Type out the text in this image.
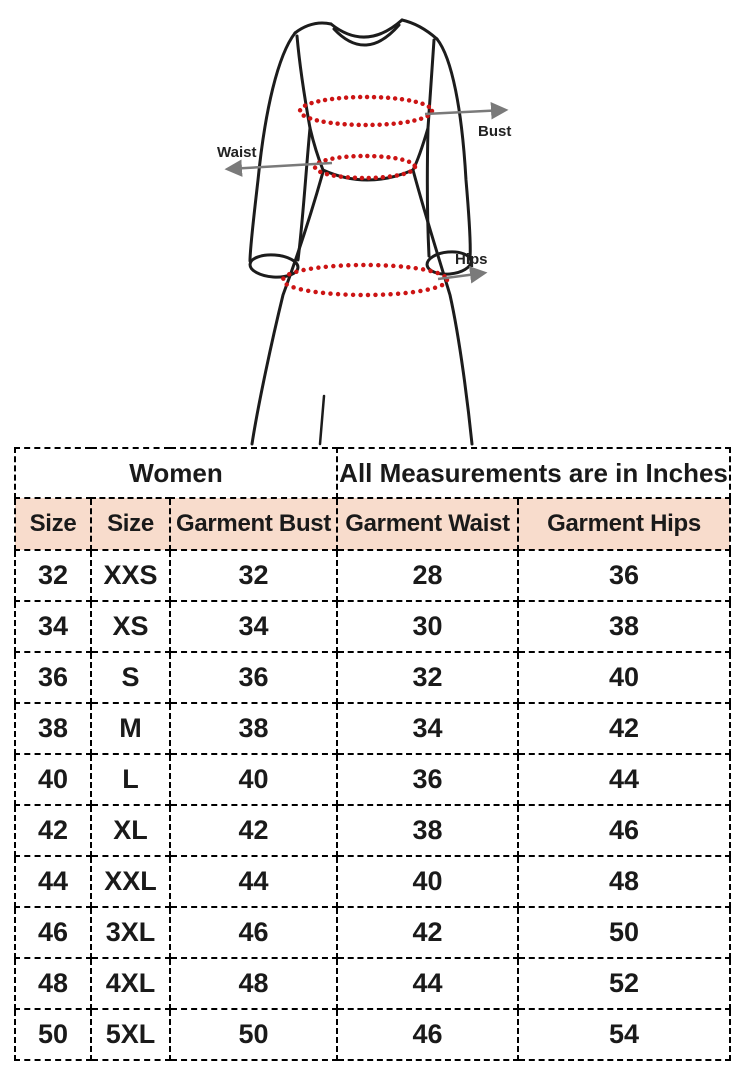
Bust
Waist
Hips
Women			All Measurements are in Inches	
Size	Size	Garment Bust	Garment Waist	Garment Hips
32	XXS	32	28	36
34	XS	34	30	38
36	S	36	32	40
38	M	38	34	42
40	L	40	36	44
42	XL	42	38	46
44	XXL	44	40	48
46	3XL	46	42	50
48	4XL	48	44	52
50	5XL	50	46	54
